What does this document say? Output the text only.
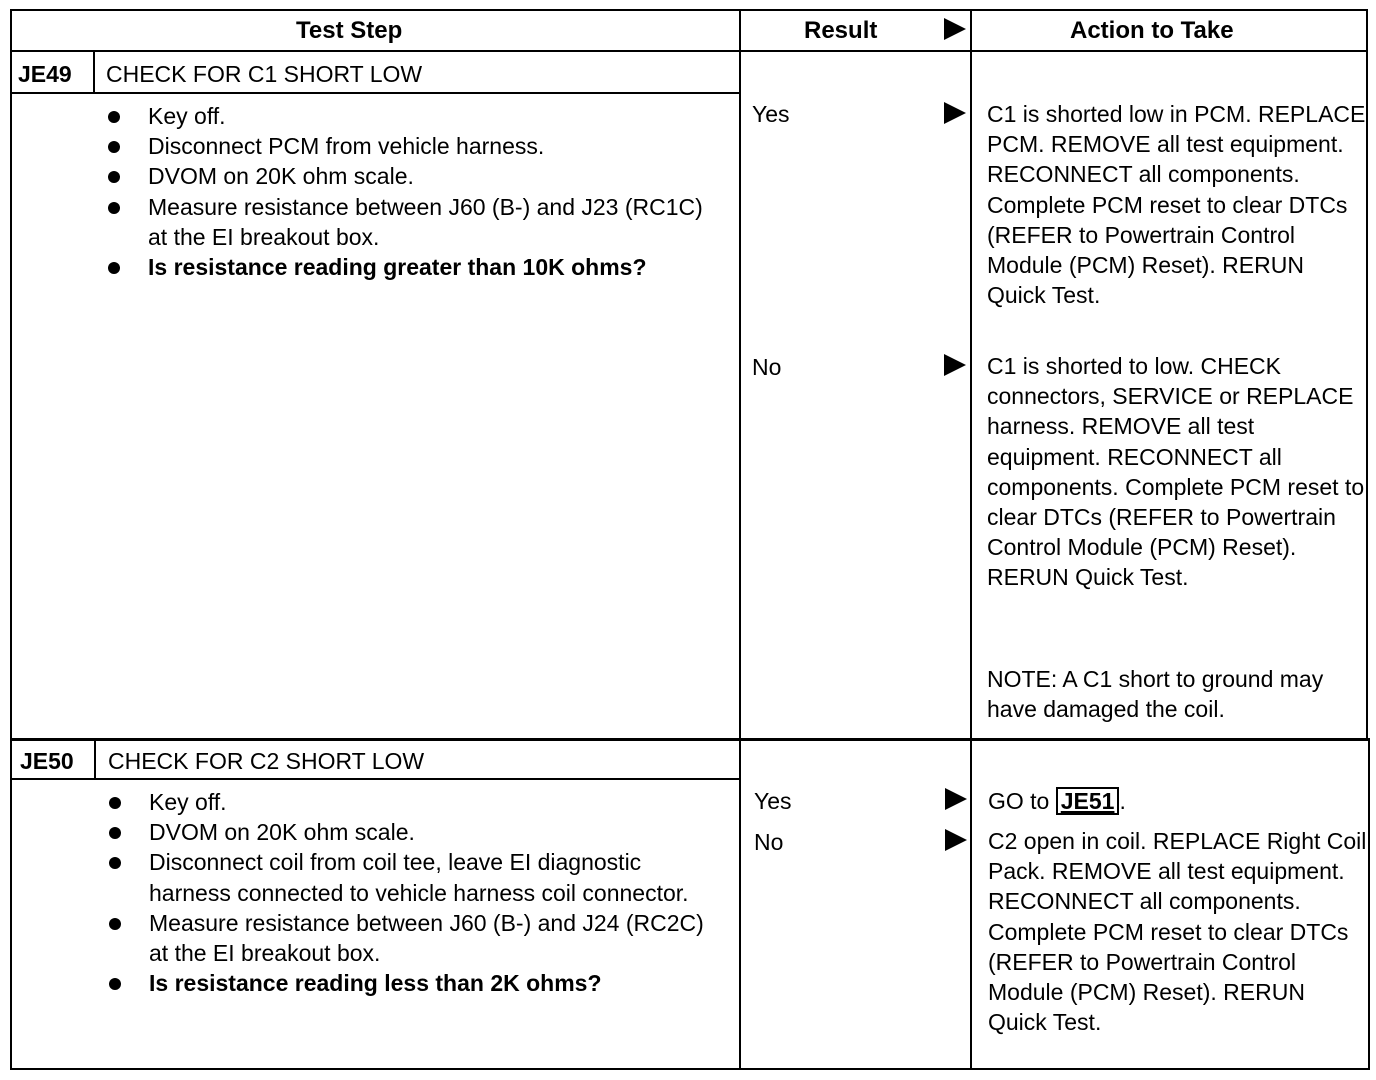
Test Step	Result	Action to Take
JE49 CHECK FOR C1 SHORT LOW
Key off.
Disconnect PCM from vehicle harness.
DVOM on 20K ohm scale.
Measure resistance between J60 (B-) and J23 (RC1C) at the EI breakout box.
Is resistance reading greater than 10K ohms?
Yes	C1 is shorted low in PCM. REPLACE PCM. REMOVE all test equipment. RECONNECT all components. Complete PCM reset to clear DTCs (REFER to Powertrain Control Module (PCM) Reset). RERUN Quick Test.
No	C1 is shorted to low. CHECK connectors, SERVICE or REPLACE harness. REMOVE all test equipment. RECONNECT all components. Complete PCM reset to clear DTCs (REFER to Powertrain Control Module (PCM) Reset). RERUN Quick Test.
NOTE: A C1 short to ground may have damaged the coil.
JE50 CHECK FOR C2 SHORT LOW
Key off.
DVOM on 20K ohm scale.
Disconnect coil from coil tee, leave EI diagnostic harness connected to vehicle harness coil connector.
Measure resistance between J60 (B-) and J24 (RC2C) at the EI breakout box.
Is resistance reading less than 2K ohms?
Yes	GO to JE51 .
No	C2 open in coil. REPLACE Right Coil Pack. REMOVE all test equipment. RECONNECT all components. Complete PCM reset to clear DTCs (REFER to Powertrain Control Module (PCM) Reset). RERUN Quick Test.
